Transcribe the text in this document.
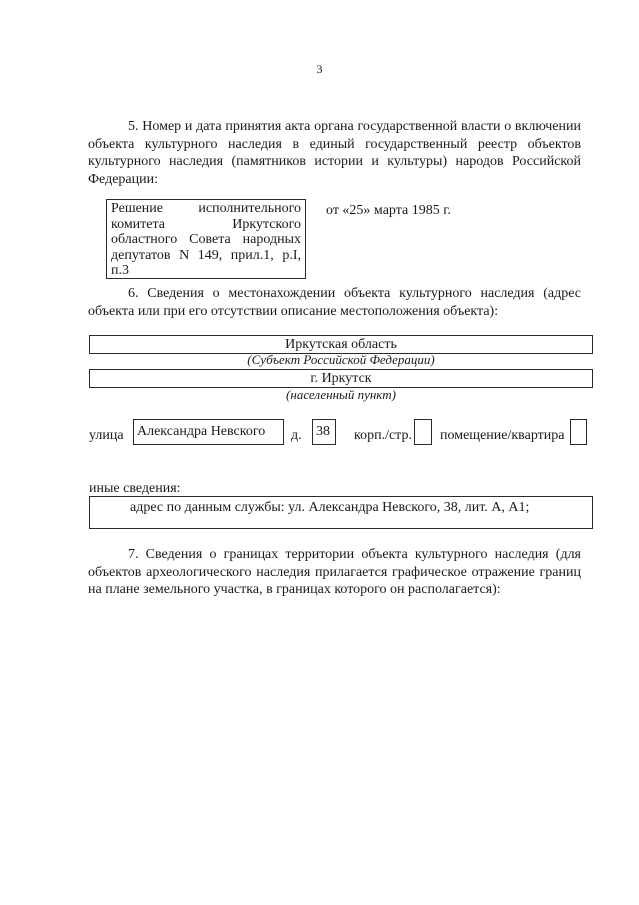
3
5. Номер и дата принятия акта органа государственной власти о включении объекта культурного наследия в единый государственный реестр объектов культурного наследия (памятников истории и культуры) народов Российской Федерации:
Решение исполнительного комитета Иркутского областного Совета народных депутатов N 149, прил.1, р.I, п.3
от «25» марта 1985 г.
6. Сведения о местонахождении объекта культурного наследия (адрес объекта или при его отсутствии описание местоположения объекта):
Иркутская область
(Субъект Российской Федерации)
г. Иркутск
(населенный пункт)
улица Александра Невского	д. 38	корп./стр. помещение/квартира
иные сведения:
адрес по данным службы: ул. Александра Невского, 38, лит. А, А1;
7. Сведения о границах территории объекта культурного наследия (для объектов археологического наследия прилагается графическое отражение границ на плане земельного участка, в границах которого он располагается):
